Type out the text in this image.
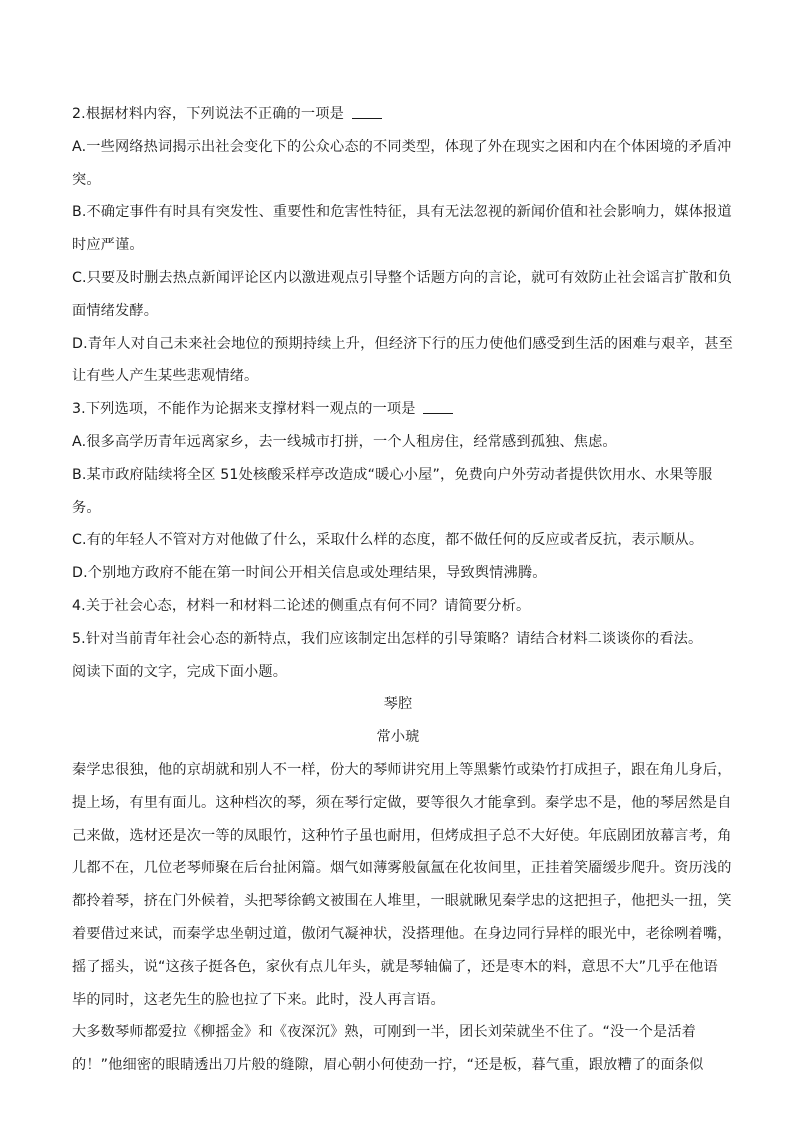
2.根据材料内容，下列说法不正确的一项是

A.一些网络热词揭示出社会变化下的公众心态的不同类型，体现了外在现实之困和内在个体困境的矛盾冲

突。

B.不确定事件有时具有突发性、重要性和危害性特征，具有无法忽视的新闻价值和社会影响力，媒体报道

时应严谨。

C.只要及时删去热点新闻评论区内以激进观点引导整个话题方向的言论，就可有效防止社会谣言扩散和负

面情绪发酵。

D.青年人对自己未来社会地位的预期持续上升，但经济下行的压力使他们感受到生活的困难与艰辛，甚至

让有些人产生某些悲观情绪。

3.下列选项，不能作为论据来支撑材料一观点的一项是

A.很多高学历青年远离家乡，去一线城市打拼，一个人租房住，经常感到孤独、焦虑。

B.某市政府陆续将全区 51处核酸采样亭改造成“暖心小屋”，免费向户外劳动者提供饮用水、水果等服

务。

C.有的年轻人不管对方对他做了什么，采取什么样的态度，都不做任何的反应或者反抗，表示顺从。

D.个别地方政府不能在第一时间公开相关信息或处理结果，导致舆情沸腾。

4.关于社会心态，材料一和材料二论述的侧重点有何不同？请简要分析。

5.针对当前青年社会心态的新特点，我们应该制定出怎样的引导策略？请结合材料二谈谈你的看法。

阅读下面的文字，完成下面小题。

琴腔

常小琥

秦学忠很独，他的京胡就和别人不一样，份大的琴师讲究用上等黑紫竹或染竹打成担子，跟在角儿身后，

提上场，有里有面儿。这种档次的琴，须在琴行定做，要等很久才能拿到。秦学忠不是，他的琴居然是自

己来做，选材还是次一等的凤眼竹，这种竹子虽也耐用，但烤成担子总不大好使。年底剧团放幕言考，角

儿都不在，几位老琴师聚在后台扯闲篇。烟气如薄雾般氤氲在化妆间里，正挂着笑靥缓步爬升。资历浅的

都拎着琴，挤在门外候着，头把琴徐鹤文被围在人堆里，一眼就瞅见秦学忠的这把担子，他把头一扭，笑

着要借过来试，而秦学忠坐朝过道，傲闭气凝神状，没搭理他。在身边同行异样的眼光中，老徐咧着嘴，

摇了摇头，说“这孩子挺各色，家伙有点儿年头，就是琴轴偏了，还是枣木的料，意思不大”几乎在他语

毕的同时，这老先生的脸也拉了下来。此时，没人再言语。

大多数琴师都爱拉《柳摇金》和《夜深沉》熟，可刚到一半，团长刘荣就坐不住了。“没一个是活着

的！”他细密的眼睛透出刀片般的缝隙，眉心朝小何使劲一拧，“还是板，暮气重，跟放糟了的面条似
